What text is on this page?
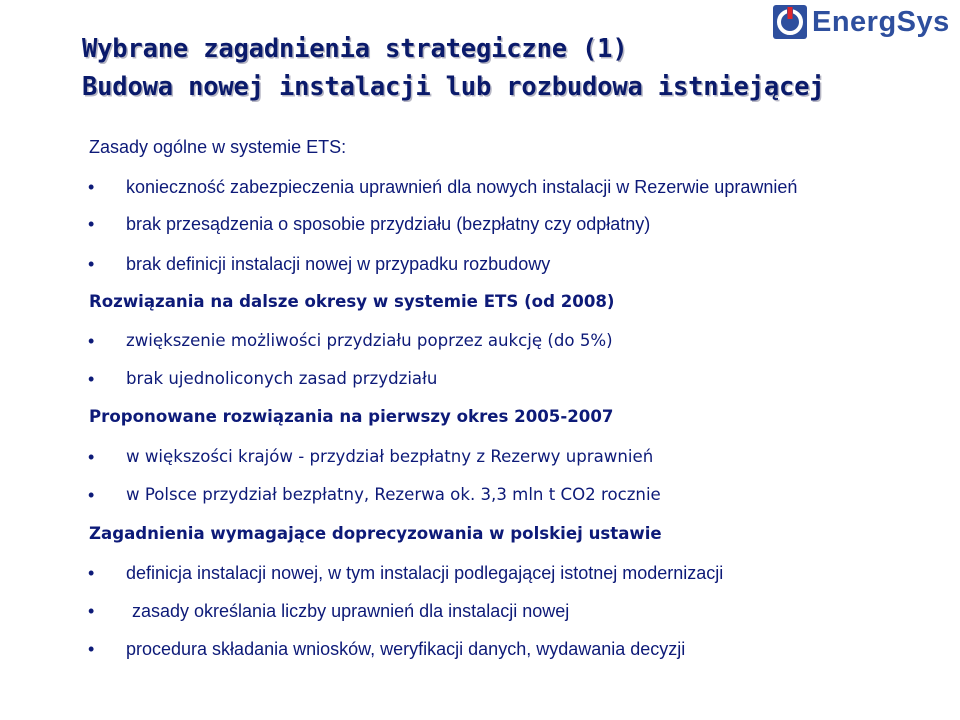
EnergSys
Wybrane zagadnienia strategiczne (1)
Budowa nowej instalacji lub rozbudowa istniejącej
Zasady ogólne w systemie ETS:
• konieczność zabezpieczenia uprawnień dla nowych instalacji w Rezerwie uprawnień
• brak przesądzenia o sposobie przydziału (bezpłatny czy odpłatny)
• brak definicji instalacji nowej w przypadku rozbudowy
Rozwiązania na dalsze okresy w systemie ETS (od 2008)
• zwiększenie możliwości przydziału poprzez aukcję (do 5%)
• brak ujednoliconych zasad przydziału
Proponowane rozwiązania na pierwszy okres 2005-2007
• w większości krajów - przydział bezpłatny z Rezerwy uprawnień
• w Polsce przydział bezpłatny, Rezerwa ok. 3,3 mln t CO2 rocznie
Zagadnienia wymagające doprecyzowania w polskiej ustawie
• definicja instalacji nowej, w tym instalacji podlegającej istotnej modernizacji
• zasady określania liczby uprawnień dla instalacji nowej
• procedura składania wniosków, weryfikacji danych, wydawania decyzji
